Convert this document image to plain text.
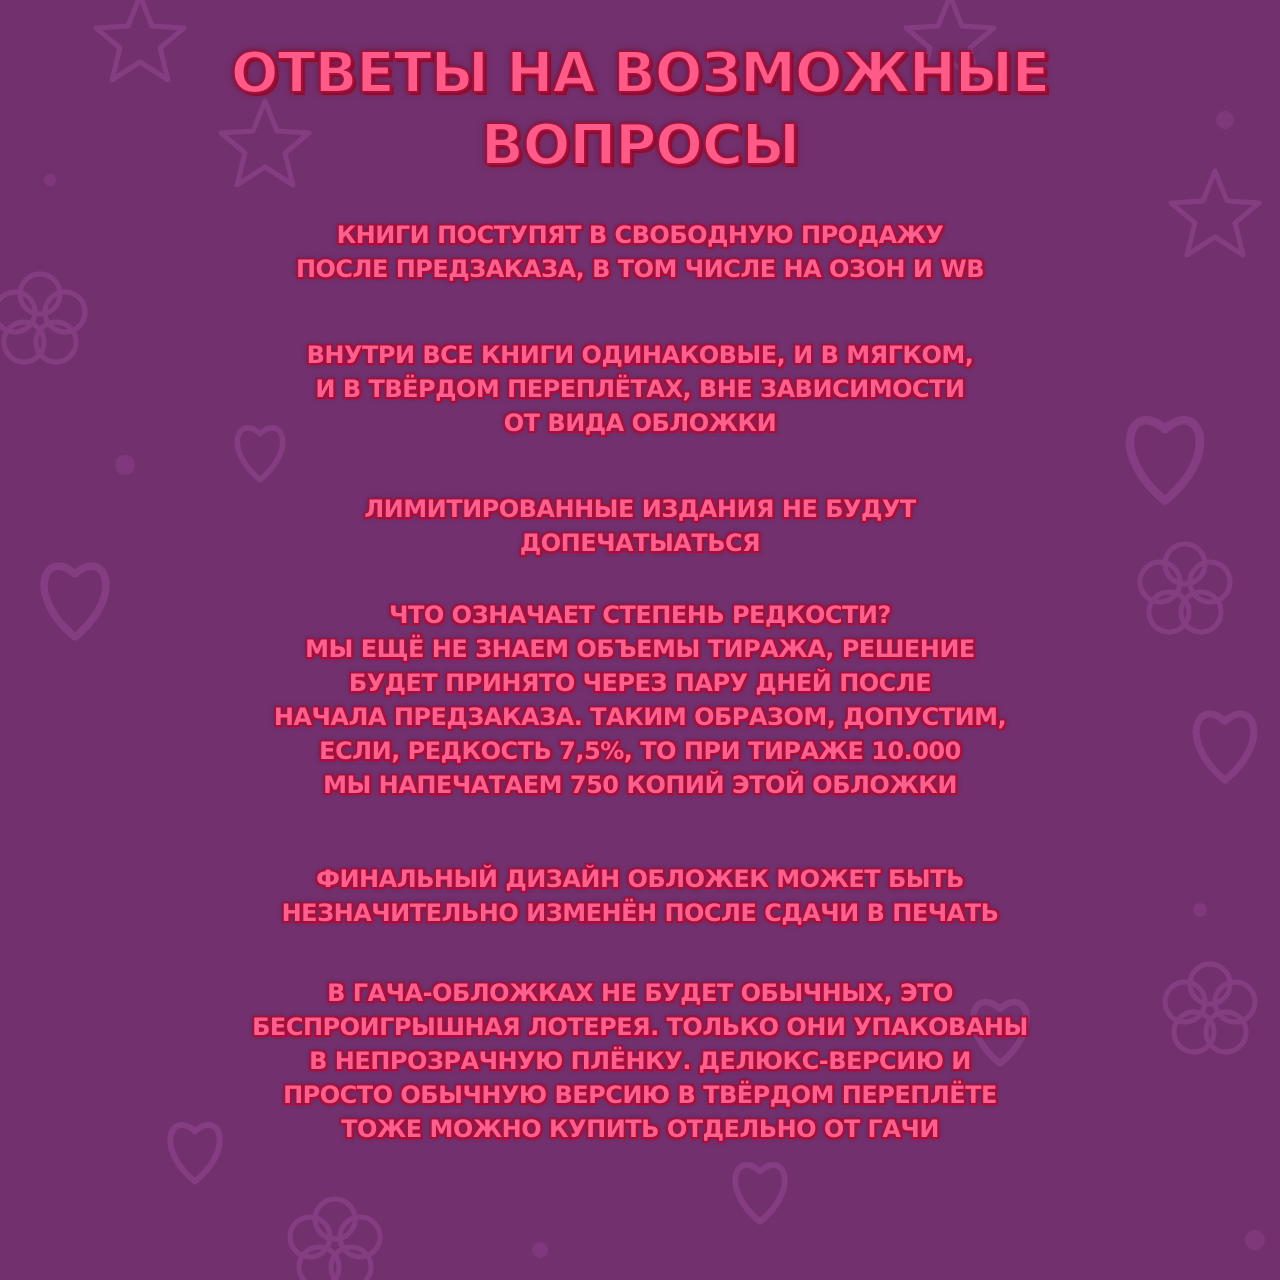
ОТВЕТЫ НА ВОЗМОЖНЫЕ
ВОПРОСЫ
КНИГИ ПОСТУПЯТ В СВОБОДНУЮ ПРОДАЖУ
ПОСЛЕ ПРЕДЗАКАЗА, В ТОМ ЧИСЛЕ НА ОЗОН И WB
ВНУТРИ ВСЕ КНИГИ ОДИНАКОВЫЕ, И В МЯГКОМ,
И В ТВЁРДОМ ПЕРЕПЛЁТАХ, ВНЕ ЗАВИСИМОСТИ
ОТ ВИДА ОБЛОЖКИ
ЛИМИТИРОВАННЫЕ ИЗДАНИЯ НЕ БУДУТ
ДОПЕЧАТЫАТЬСЯ
ЧТО ОЗНАЧАЕТ СТЕПЕНЬ РЕДКОСТИ?
МЫ ЕЩЁ НЕ ЗНАЕМ ОБЪЕМЫ ТИРАЖА, РЕШЕНИЕ
БУДЕТ ПРИНЯТО ЧЕРЕЗ ПАРУ ДНЕЙ ПОСЛЕ
НАЧАЛА ПРЕДЗАКАЗА. ТАКИМ ОБРАЗОМ, ДОПУСТИМ,
ЕСЛИ, РЕДКОСТЬ 7,5%, ТО ПРИ ТИРАЖЕ 10.000
МЫ НАПЕЧАТАЕМ 750 КОПИЙ ЭТОЙ ОБЛОЖКИ
ФИНАЛЬНЫЙ ДИЗАЙН ОБЛОЖЕК МОЖЕТ БЫТЬ
НЕЗНАЧИТЕЛЬНО ИЗМЕНЁН ПОСЛЕ СДАЧИ В ПЕЧАТЬ
В ГАЧА-ОБЛОЖКАХ НЕ БУДЕТ ОБЫЧНЫХ, ЭТО
БЕСПРОИГРЫШНАЯ ЛОТЕРЕЯ. ТОЛЬКО ОНИ УПАКОВАНЫ
В НЕПРОЗРАЧНУЮ ПЛЁНКУ. ДЕЛЮКС-ВЕРСИЮ И
ПРОСТО ОБЫЧНУЮ ВЕРСИЮ В ТВЁРДОМ ПЕРЕПЛЁТЕ
ТОЖЕ МОЖНО КУПИТЬ ОТДЕЛЬНО ОТ ГАЧИ
